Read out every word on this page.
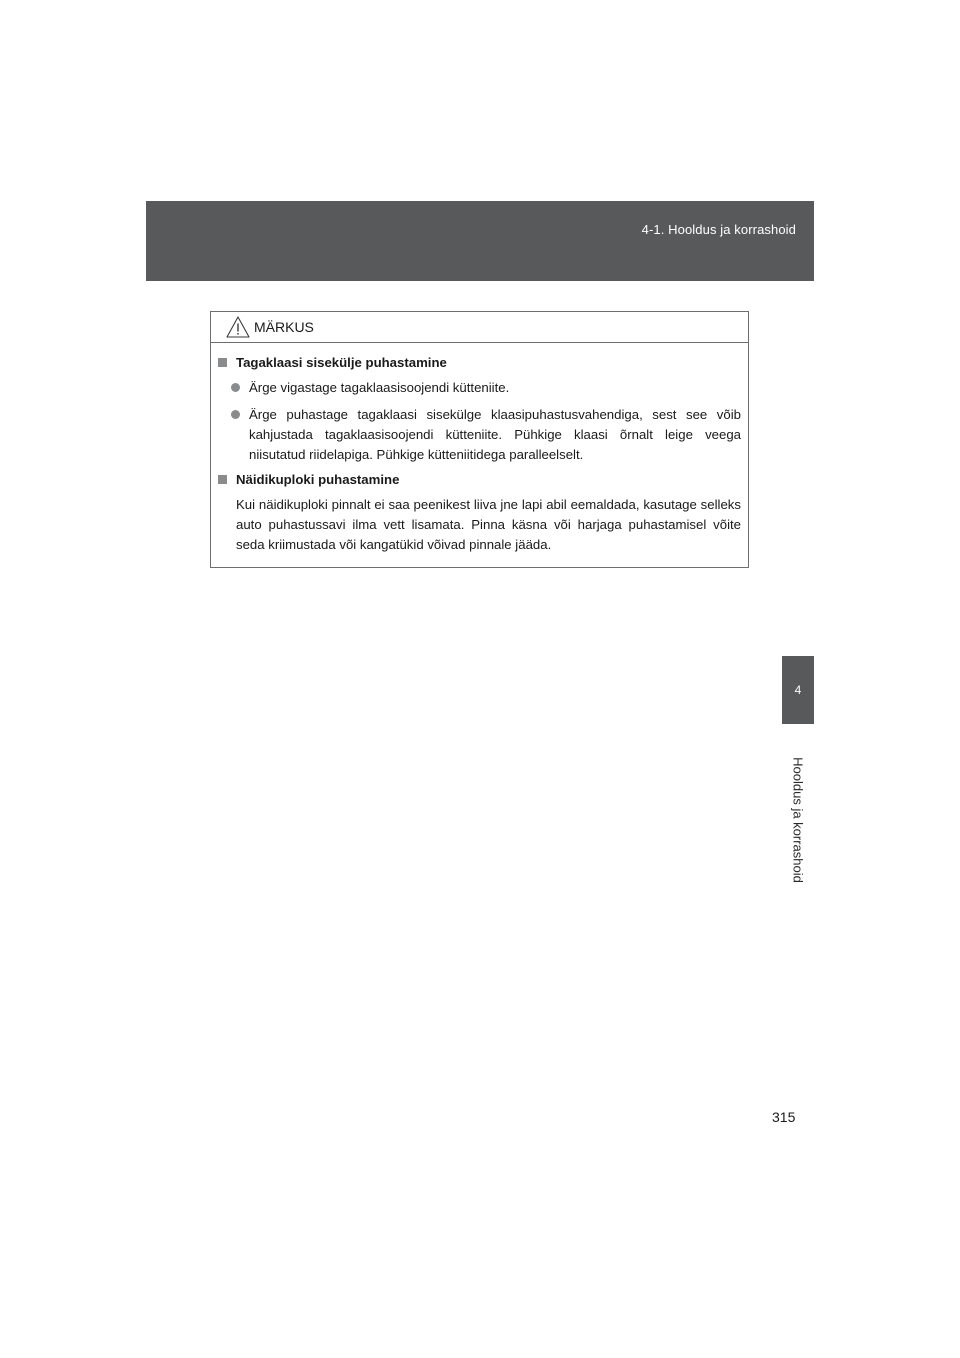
4-1. Hooldus ja korrashoid
4
Hooldus ja korrashoid
MÄRKUS
Tagaklaasi sisekülje puhastamine
Ärge vigastage tagaklaasisoojendi kütteniite.
Ärge puhastage tagaklaasi sisekülge klaasipuhastusvahendiga, sest see võib kahjustada tagaklaasisoojendi kütteniite. Pühkige klaasi õrnalt leige veega niisutatud riidelapiga. Pühkige kütteniitidega paralleelselt.
Näidikuploki puhastamine
Kui näidikuploki pinnalt ei saa peenikest liiva jne lapi abil eemaldada, kasutage selleks auto puhastussavi ilma vett lisamata. Pinna käsna või harjaga puhastamisel võite seda kriimustada või kangatükid võivad pinnale jääda.
315
